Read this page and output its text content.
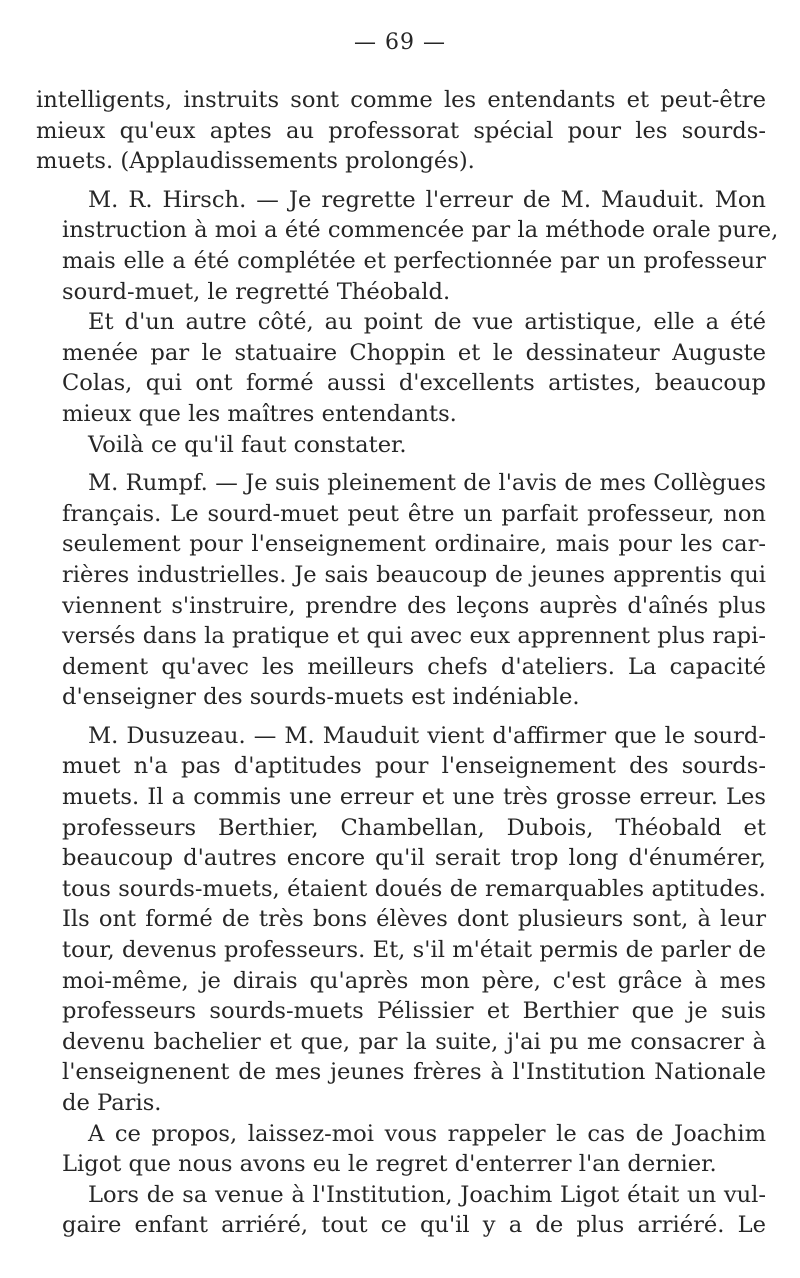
— 69 —
intelligents, instruits sont comme les entendants et peut-être
mieux qu'eux aptes au professorat spécial pour les sourds-
muets. (Applaudissements prolongés).
M. R. Hirsch. — Je regrette l'erreur de M. Mauduit. Mon
instruction à moi a été commencée par la méthode orale pure,
mais elle a été complétée et perfectionnée par un professeur
sourd-muet, le regretté Théobald.
Et d'un autre côté, au point de vue artistique, elle a été
menée par le statuaire Choppin et le dessinateur Auguste
Colas, qui ont formé aussi d'excellents artistes, beaucoup
mieux que les maîtres entendants.
Voilà ce qu'il faut constater.
M. Rumpf. — Je suis pleinement de l'avis de mes Collègues
français. Le sourd-muet peut être un parfait professeur, non
seulement pour l'enseignement ordinaire, mais pour les car-
rières industrielles. Je sais beaucoup de jeunes apprentis qui
viennent s'instruire, prendre des leçons auprès d'aînés plus
versés dans la pratique et qui avec eux apprennent plus rapi-
dement qu'avec les meilleurs chefs d'ateliers. La capacité
d'enseigner des sourds-muets est indéniable.
M. Dusuzeau. — M. Mauduit vient d'affirmer que le sourd-
muet n'a pas d'aptitudes pour l'enseignement des sourds-
muets. Il a commis une erreur et une très grosse erreur. Les
professeurs Berthier, Chambellan, Dubois, Théobald et
beaucoup d'autres encore qu'il serait trop long d'énumérer,
tous sourds-muets, étaient doués de remarquables aptitudes.
Ils ont formé de très bons élèves dont plusieurs sont, à leur
tour, devenus professeurs. Et, s'il m'était permis de parler de
moi-même, je dirais qu'après mon père, c'est grâce à mes
professeurs sourds-muets Pélissier et Berthier que je suis
devenu bachelier et que, par la suite, j'ai pu me consacrer à
l'enseignenent de mes jeunes frères à l'Institution Nationale
de Paris.
A ce propos, laissez-moi vous rappeler le cas de Joachim
Ligot que nous avons eu le regret d'enterrer l'an dernier.
Lors de sa venue à l'Institution, Joachim Ligot était un vul-
gaire enfant arriéré, tout ce qu'il y a de plus arriéré. Le
